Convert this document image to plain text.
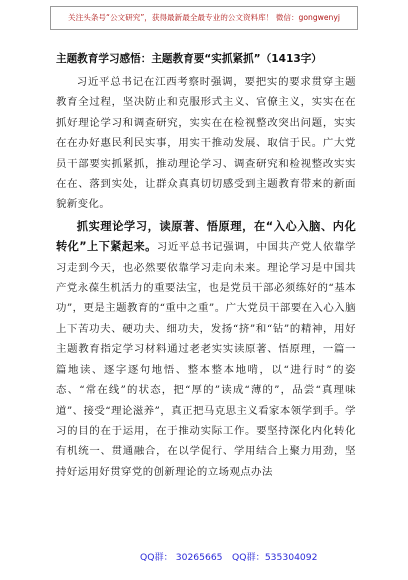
关注头条号“公文研究”，获得最新最全最专业的公文资料库！ 微信：gongwenyj
主题教育学习感悟：主题教育要“实抓紧抓”（1413字）

习近平总书记在江西考察时强调，要把实的要求贯穿主题教育全过程，坚决防止和克服形式主义、官僚主义，实实在在抓好理论学习和调查研究，实实在在检视整改突出问题，实实在在办好惠民利民实事，用实干推动发展、取信于民。广大党员干部要实抓紧抓，推动理论学习、调查研究和检视整改实实在在、落到实处，让群众真真切切感受到主题教育带来的新面貌新变化。

抓实理论学习，读原著、悟原理，在“入心入脑、内化转化”上下紧起来。习近平总书记强调，中国共产党人依靠学习走到今天，也必然要依靠学习走向未来。理论学习是中国共产党永葆生机活力的重要法宝，也是党员干部必须练好的“基本功”，更是主题教育的“重中之重”。广大党员干部要在入心入脑上下苦功夫、硬功夫、细功夫，发扬“挤”和“钻”的精神，用好主题教育指定学习材料通过老老实实读原著、悟原理，一篇一篇地读、逐字逐句地悟、整本整本地啃，以“进行时”的姿态、“常在线”的状态，把“厚的”读成“薄的”，品尝“真理味道”、接受“理论滋养”，真正把马克思主义看家本领学到手。学习的目的在于运用，在于推动实际工作。要坚持深化内化转化有机统一、贯通融合，在以学促行、学用结合上聚力用劲，坚持好运用好贯穿党的创新理论的立场观点办法

QQ群： 30265665 QQ群：535304092
